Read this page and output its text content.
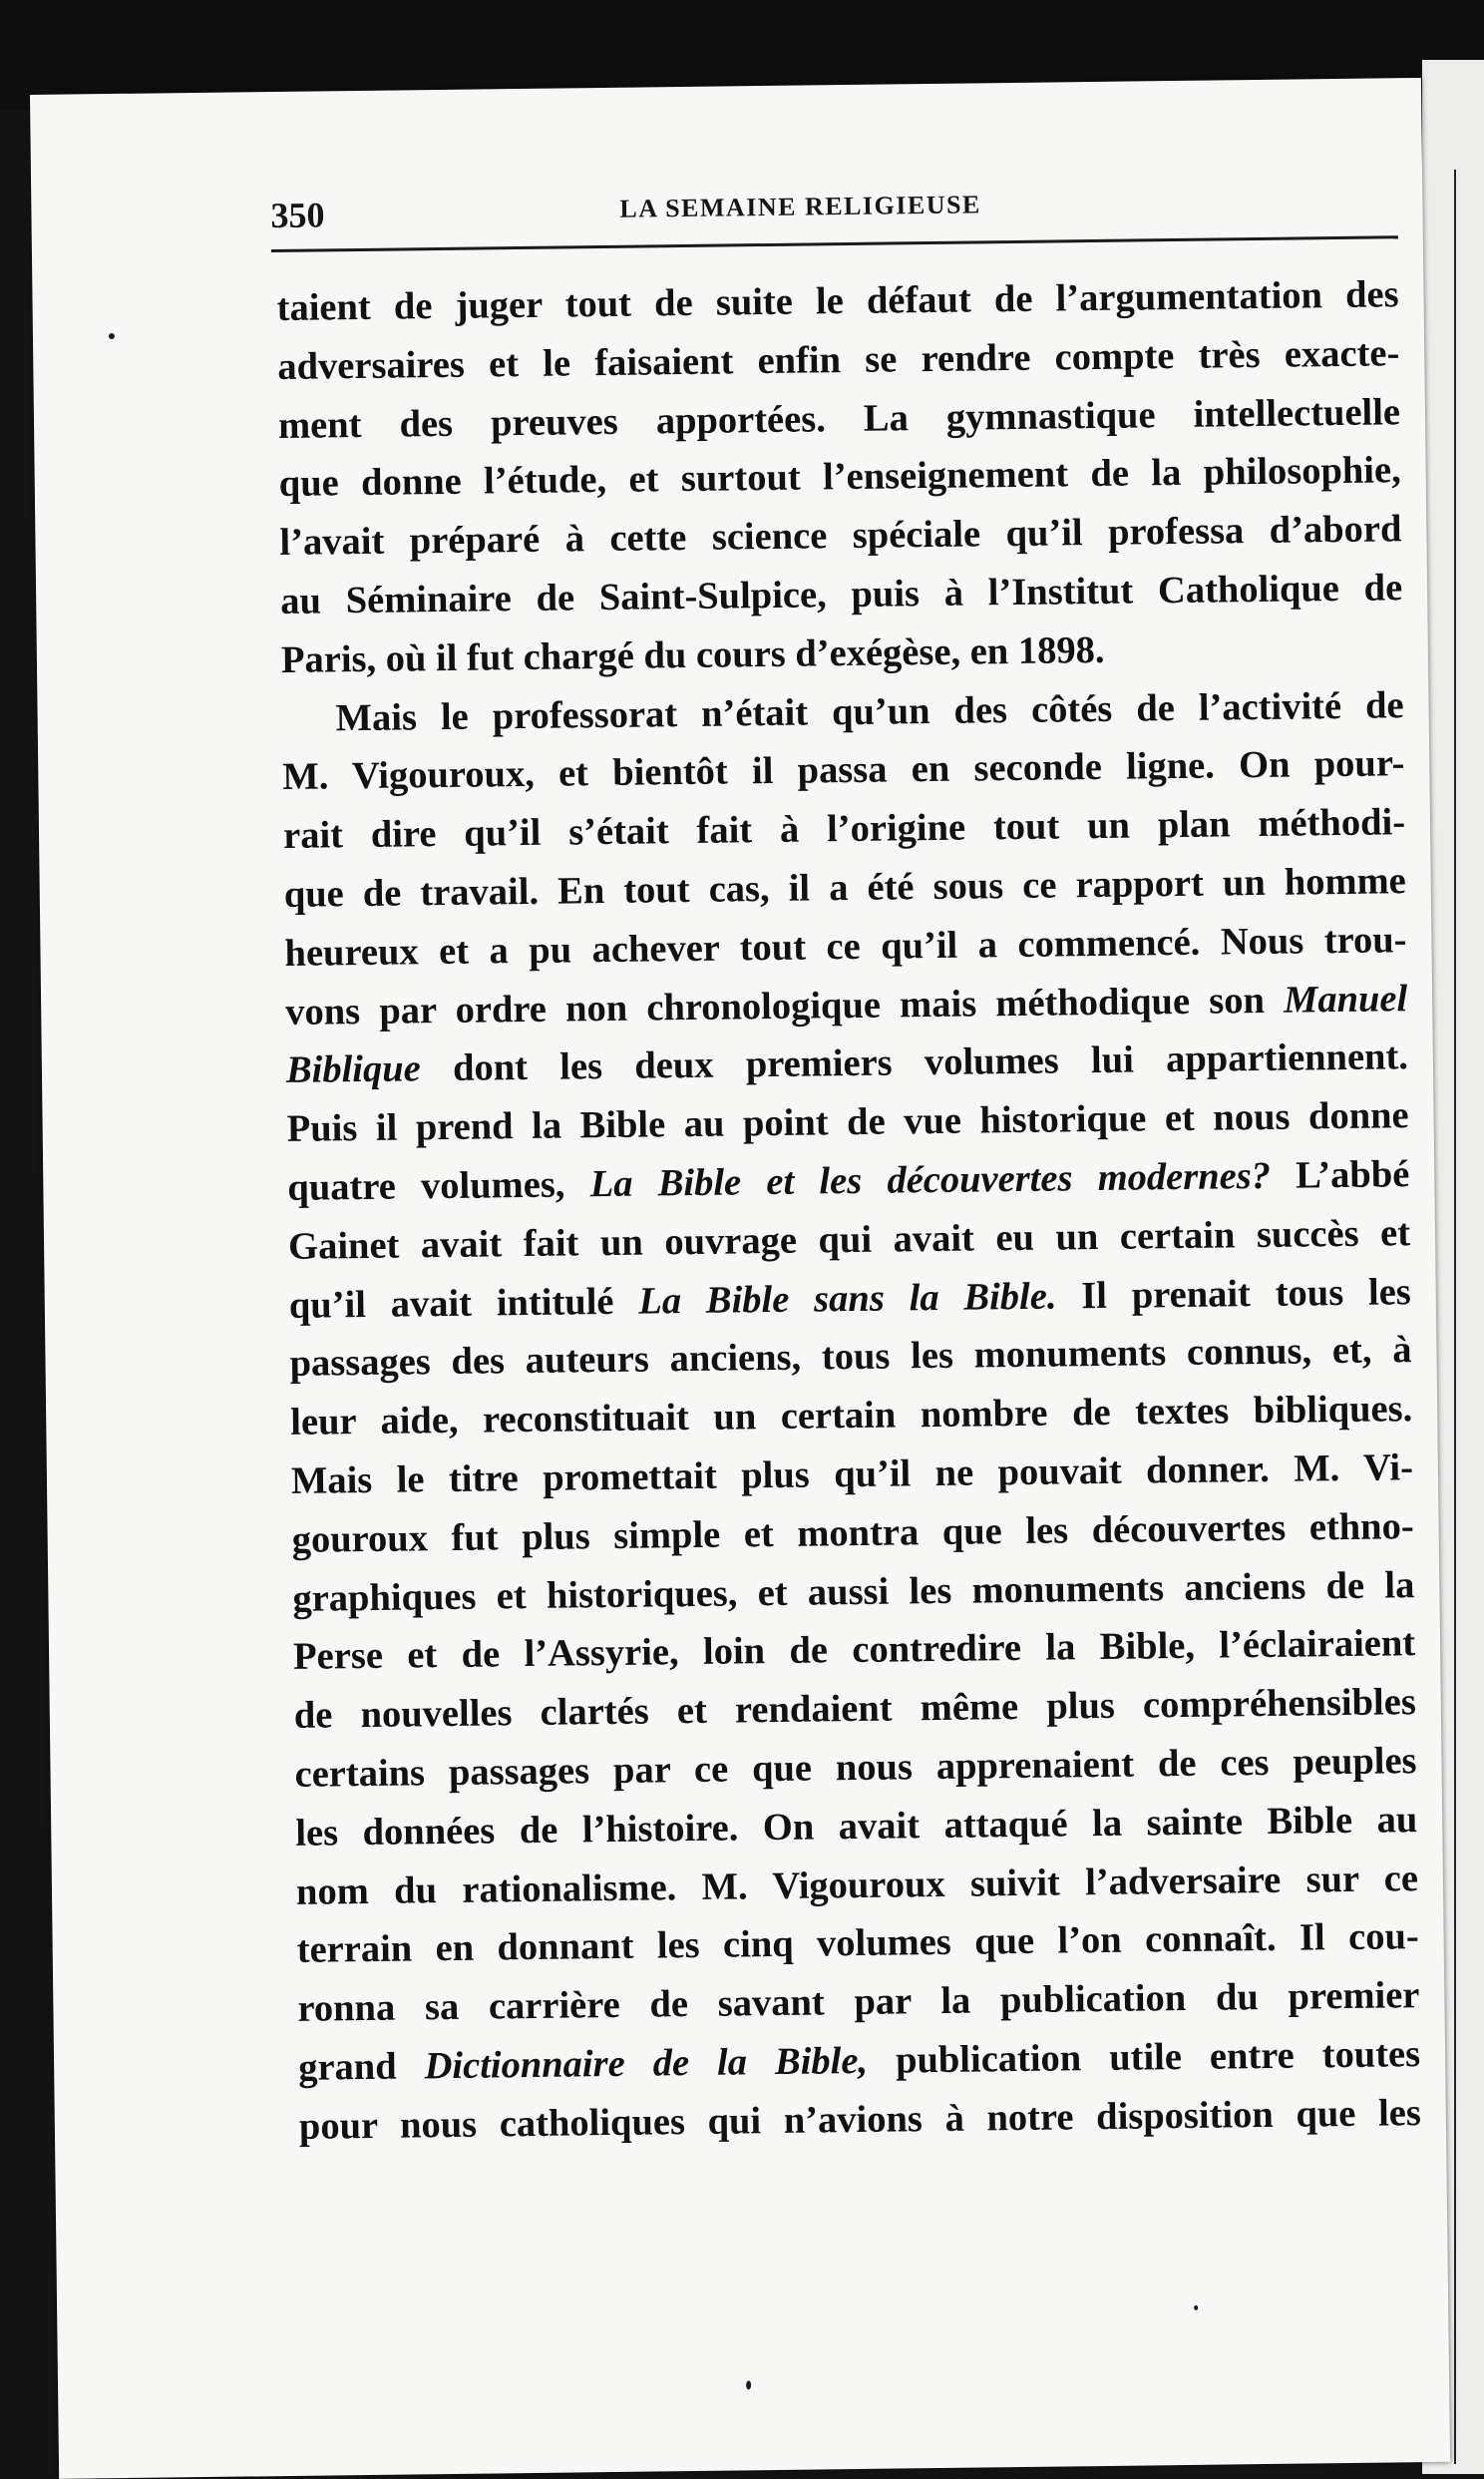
350	LA SEMAINE RELIGIEUSE
taient de juger tout de suite le défaut de l’argumentation des
adversaires et le faisaient enfin se rendre compte très exacte-
ment des preuves apportées. La gymnastique intellectuelle
que donne l’étude, et surtout l’enseignement de la philosophie,
l’avait préparé à cette science spéciale qu’il professa d’abord
au Séminaire de Saint-Sulpice, puis à l’Institut Catholique de
Paris, où il fut chargé du cours d’exégèse, en 1898.
Mais le professorat n’était qu’un des côtés de l’activité de
M. Vigouroux, et bientôt il passa en seconde ligne. On pour-
rait dire qu’il s’était fait à l’origine tout un plan méthodi-
que de travail. En tout cas, il a été sous ce rapport un homme
heureux et a pu achever tout ce qu’il a commencé. Nous trou-
vons par ordre non chronologique mais méthodique son Manuel
Biblique dont les deux premiers volumes lui appartiennent.
Puis il prend la Bible au point de vue historique et nous donne
quatre volumes, La Bible et les découvertes modernes? L’abbé
Gainet avait fait un ouvrage qui avait eu un certain succès et
qu’il avait intitulé La Bible sans la Bible. Il prenait tous les
passages des auteurs anciens, tous les monuments connus, et, à
leur aide, reconstituait un certain nombre de textes bibliques.
Mais le titre promettait plus qu’il ne pouvait donner. M. Vi-
gouroux fut plus simple et montra que les découvertes ethno-
graphiques et historiques, et aussi les monuments anciens de la
Perse et de l’Assyrie, loin de contredire la Bible, l’éclairaient
de nouvelles clartés et rendaient même plus compréhensibles
certains passages par ce que nous apprenaient de ces peuples
les données de l’histoire. On avait attaqué la sainte Bible au
nom du rationalisme. M. Vigouroux suivit l’adversaire sur ce
terrain en donnant les cinq volumes que l’on connaît. Il cou-
ronna sa carrière de savant par la publication du premier
grand Dictionnaire de la Bible, publication utile entre toutes
pour nous catholiques qui n’avions à notre disposition que les
